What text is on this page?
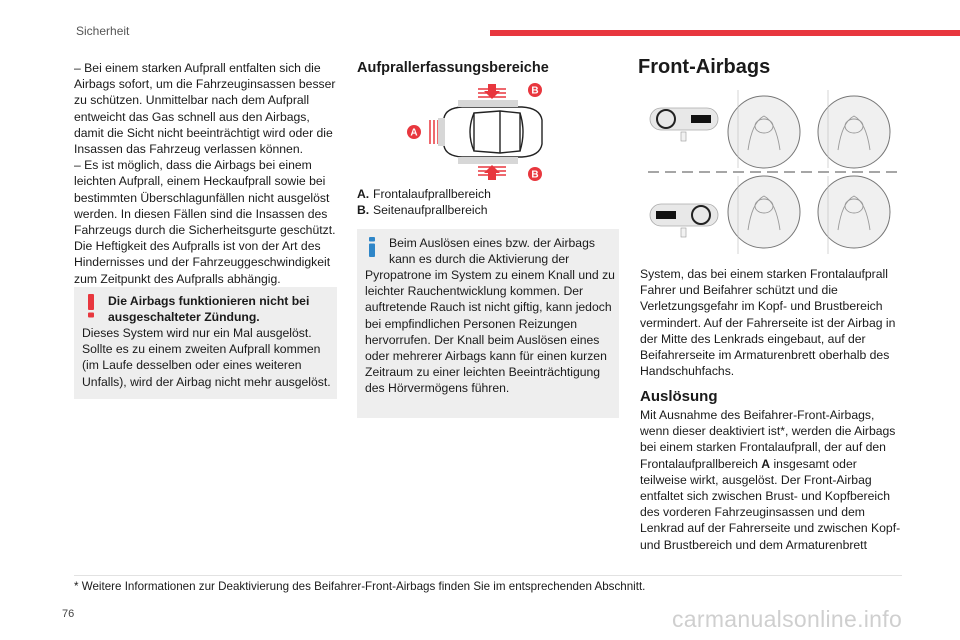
Sicherheit

– Bei einem starken Aufprall entfalten sich die Airbags sofort, um die Fahrzeuginsassen besser zu schützen. Unmittelbar nach dem Aufprall entweicht das Gas schnell aus den Airbags, damit die Sicht nicht beeinträchtigt wird oder die Insassen das Fahrzeug verlassen können.

– Es ist möglich, dass die Airbags bei einem leichten Aufprall, einem Heckaufprall sowie bei bestimmten Überschlagunfällen nicht ausgelöst werden. In diesen Fällen sind die Insassen des Fahrzeugs durch die Sicherheitsgurte geschützt. Die Heftigkeit des Aufpralls ist von der Art des Hindernisses und der Fahrzeuggeschwindigkeit zum Zeitpunkt des Aufpralls abhängig.

Die Airbags funktionieren nicht bei ausgeschalteter Zündung.

Dieses System wird nur ein Mal ausgelöst. Sollte es zu einem zweiten Aufprall kommen (im Laufe desselben oder eines weiteren Unfalls), wird der Airbag nicht mehr ausgelöst.

Aufprallerfassungsbereiche
A
B
B

A. Frontalaufprallbereich

B. Seitenaufprallbereich

Beim Auslösen eines bzw. der Airbags kann es durch die Aktivierung der

Pyropatrone im System zu einem Knall und zu leichter Rauchentwicklung kommen. Der auftretende Rauch ist nicht giftig, kann jedoch bei empfindlichen Personen Reizungen hervorrufen. Der Knall beim Auslösen eines oder mehrerer Airbags kann für einen kurzen Zeitraum zu einer leichten Beeinträchtigung des Hörvermögens führen.

Front-Airbags

System, das bei einem starken Frontalaufprall Fahrer und Beifahrer schützt und die Verletzungsgefahr im Kopf- und Brustbereich vermindert. Auf der Fahrerseite ist der Airbag in der Mitte des Lenkrads eingebaut, auf der Beifahrerseite im Armaturenbrett oberhalb des Handschuhfachs.

Auslösung

Mit Ausnahme des Beifahrer-Front-Airbags, wenn dieser deaktiviert ist*, werden die Airbags bei einem starken Frontalaufprall, der auf den Frontalaufprallbereich A insgesamt oder teilweise wirkt, ausgelöst. Der Front-Airbag entfaltet sich zwischen Brust- und Kopfbereich des vorderen Fahrzeuginsassen und dem Lenkrad auf der Fahrerseite und zwischen Kopf- und Brustbereich und dem Armaturenbrett

* Weitere Informationen zur Deaktivierung des Beifahrer-Front-Airbags finden Sie im entsprechenden Abschnitt.
76	carmanualsonline.info
